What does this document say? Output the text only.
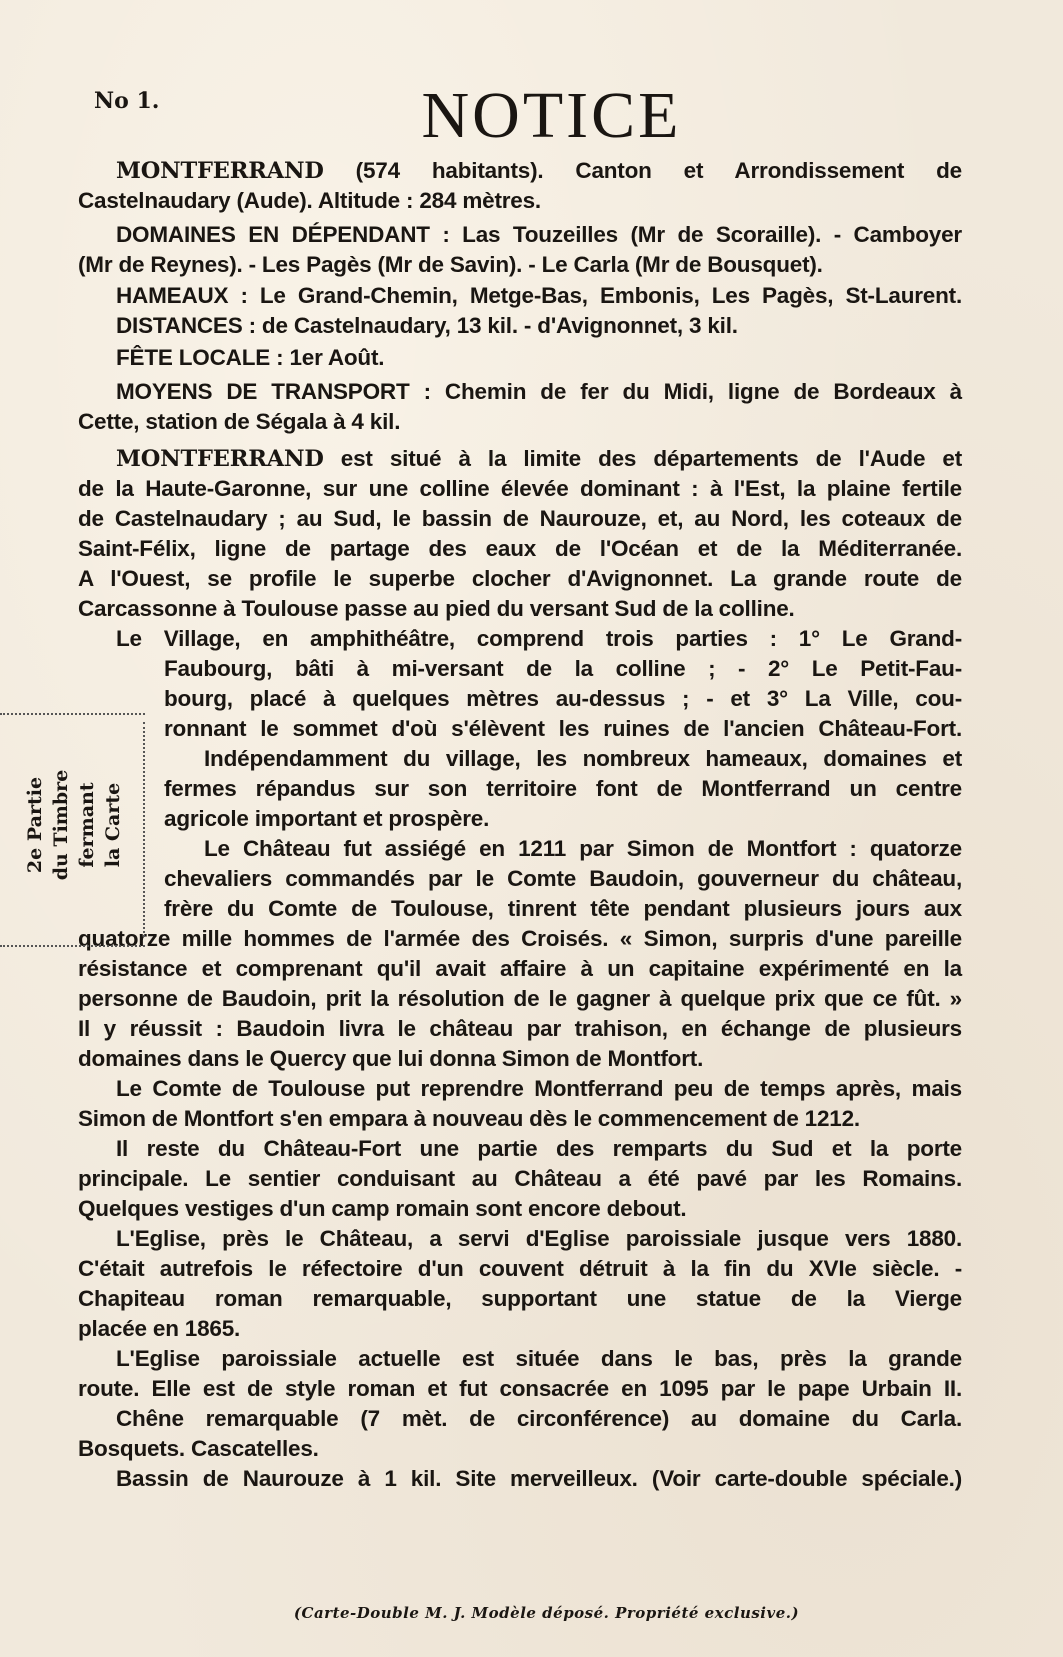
No 1.	NOTICE
MONTFERRAND (574 habitants). Canton et Arrondissement de
Castelnaudary (Aude). Altitude : 284 mètres.
DOMAINES EN DÉPENDANT : Las Touzeilles (Mr de Scoraille). - Camboyer
(Mr de Reynes). - Les Pagès (Mr de Savin). - Le Carla (Mr de Bousquet).
HAMEAUX : Le Grand-Chemin, Metge-Bas, Embonis, Les Pagès, St-Laurent.
DISTANCES : de Castelnaudary, 13 kil. - d'Avignonnet, 3 kil.
FÊTE LOCALE : 1er Août.
MOYENS DE TRANSPORT : Chemin de fer du Midi, ligne de Bordeaux à
Cette, station de Ségala à 4 kil.
MONTFERRAND est situé à la limite des départements de l'Aude et
de la Haute-Garonne, sur une colline élevée dominant : à l'Est, la plaine fertile
de Castelnaudary ; au Sud, le bassin de Naurouze, et, au Nord, les coteaux de
Saint-Félix, ligne de partage des eaux de l'Océan et de la Méditerranée.
A l'Ouest, se profile le superbe clocher d'Avignonnet. La grande route de
Carcassonne à Toulouse passe au pied du versant Sud de la colline.
Le Village, en amphithéâtre, comprend trois parties : 1° Le Grand-
Faubourg, bâti à mi-versant de la colline ; - 2° Le Petit-Fau-
bourg, placé à quelques mètres au-dessus ; - et 3° La Ville, cou-
ronnant le sommet d'où s'élèvent les ruines de l'ancien Château-Fort.
Indépendamment du village, les nombreux hameaux, domaines et
fermes répandus sur son territoire font de Montferrand un centre
agricole important et prospère.
Le Château fut assiégé en 1211 par Simon de Montfort : quatorze
chevaliers commandés par le Comte Baudoin, gouverneur du château,
frère du Comte de Toulouse, tinrent tête pendant plusieurs jours aux
quatorze mille hommes de l'armée des Croisés. « Simon, surpris d'une pareille
résistance et comprenant qu'il avait affaire à un capitaine expérimenté en la
personne de Baudoin, prit la résolution de le gagner à quelque prix que ce fût. »
Il y réussit : Baudoin livra le château par trahison, en échange de plusieurs
domaines dans le Quercy que lui donna Simon de Montfort.
Le Comte de Toulouse put reprendre Montferrand peu de temps après, mais
Simon de Montfort s'en empara à nouveau dès le commencement de 1212.
Il reste du Château-Fort une partie des remparts du Sud et la porte
principale. Le sentier conduisant au Château a été pavé par les Romains.
Quelques vestiges d'un camp romain sont encore debout.
L'Eglise, près le Château, a servi d'Eglise paroissiale jusque vers 1880.
C'était autrefois le réfectoire d'un couvent détruit à la fin du XVIe siècle. -
Chapiteau roman remarquable, supportant une statue de la Vierge
placée en 1865.
L'Eglise paroissiale actuelle est située dans le bas, près la grande
route. Elle est de style roman et fut consacrée en 1095 par le pape Urbain II.
Chêne remarquable (7 mèt. de circonférence) au domaine du Carla.
Bosquets. Cascatelles.
Bassin de Naurouze à 1 kil. Site merveilleux. (Voir carte-double spéciale.)
2e Partie du Timbre fermant la Carte
(Carte-Double M. J. Modèle déposé. Propriété exclusive.)
